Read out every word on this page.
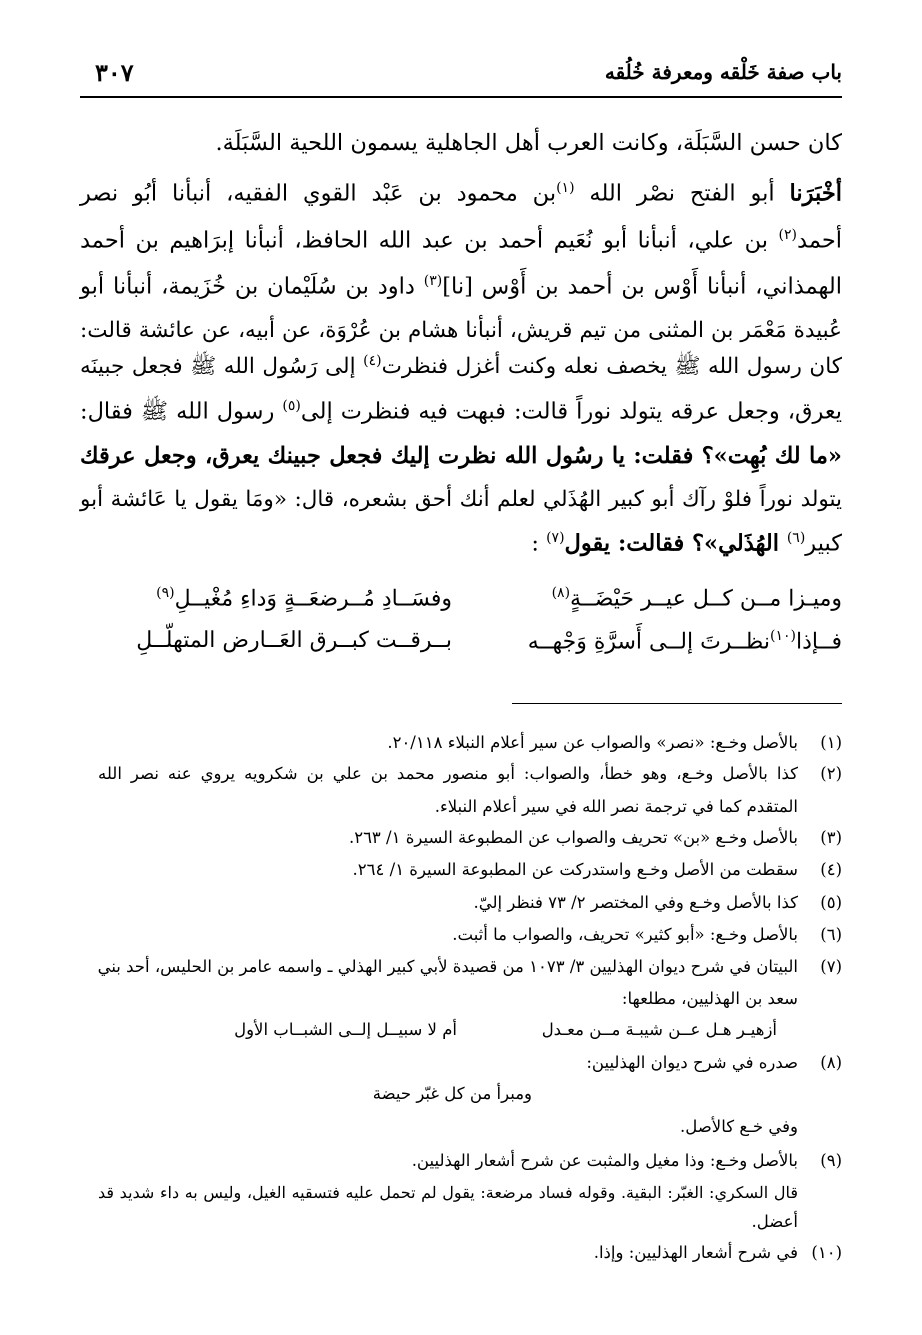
باب صفة خَلْقه ومعرفة خُلُقه
٣٠٧
كان حسن السَّبَلَة، وكانت العرب أهل الجاهلية يسمون اللحية السَّبَلَة.
أخْبَرَنا أبو الفتح نصْر الله $^{(١)}$بن محمود بن عَبْد القوي الفقيه، أنبأنا أبُو نصر
أحمد$^{(٢)}$ بن علي، أنبأنا أبو نُعَيم أحمد بن عبد الله الحافظ، أنبأنا إبرَاهيم بن أحمد
الهمذاني، أنبأنا أَوْس بن أحمد بن أَوْس [نا]$^{(٣)}$ داود بن سُلَيْمان بن خُزَيمة، أنبأنا أبو
عُبيدة مَعْمَر بن المثنى من تيم قريش، أنبأنا هشام بن عُرْوَة، عن أبيه، عن عائشة قالت:
كان رسول الله ﷺ يخصف نعله وكنت أغزل فنظرت$^{(٤)}$ إلى رَسُول الله ﷺ فجعل جبينَه
يعرق، وجعل عرقه يتولد نوراً قالت: فبهت فيه فنظرت إلى$^{(٥)}$ رسول الله ﷺ فقال:
«ما لك بُهِت»؟ فقلت: يا رسُول الله نظرت إليك فجعل جبينك يعرق، وجعل عرقك
يتولد نوراً فلوْ رآك أبو كبير الهُذَلي لعلم أنك أحق بشعره، قال: «ومَا يقول يا عَائشة أبو
كبير$^{(٦)}$ الهُذَلي»؟ فقالت: يقول$^{(٧)}$ :
وميـزا مــن كــل عيــر حَيْضَــةٍ$^{(٨)}$
وفسَــادِ مُــرضعَــةٍ وَداءِ مُغْيــلِ$^{(٩)}$
فــإذا$^{(١٠)}$نظــرتَ إلــى أَسرَّةِ وَجْهــه
بــرقــت كبــرق العَــارض المتهلّــلِ
(١)
بالأصل وخـع: «نصر» والصواب عن سير أعلام النبلاء ٢٠/١١٨.
(٢)
كذا بالأصل وخـع، وهو خطأ، والصواب: أبو منصور محمد بن علي بن شكرويه يروي عنه نصر الله
المتقدم كما في ترجمة نصر الله في سير أعلام النبلاء.
(٣)
بالأصل وخـع «بن» تحريف والصواب عن المطبوعة السيرة ١/ ٢٦٣.
(٤)
سقطت من الأصل وخـع واستدركت عن المطبوعة السيرة ١/ ٢٦٤.
(٥)
كذا بالأصل وخـع وفي المختصر ٢/ ٧٣ فنظر إليّ.
(٦)
بالأصل وخـع: «أبو كثير» تحريف، والصواب ما أثبت.
(٧)
البيتان في شرح ديوان الهذليين ٣/ ١٠٧٣ من قصيدة لأبي كبير الهذلي ـ واسمه عامر بن الحليس، أحد بني
سعد بن الهذليين، مطلعها:
أزهيـر هـل عــن شيبـة مــن معـدل
أم لا سبيــل إلــى الشبــاب الأول
(٨)
صدره في شرح ديوان الهذليين:
ومبرأ من كل غبّر حيضة
وفي خـع كالأصل.
(٩)
بالأصل وخـع: وذا مغيل والمثبت عن شرح أشعار الهذليين.
قال السكري: الغبّر: البقية. وقوله فساد مرضعة: يقول لم تحمل عليه فتسقيه الغيل، وليس به داء شديد قد
أعضل.
(١٠)
في شرح أشعار الهذليين: وإذا.
